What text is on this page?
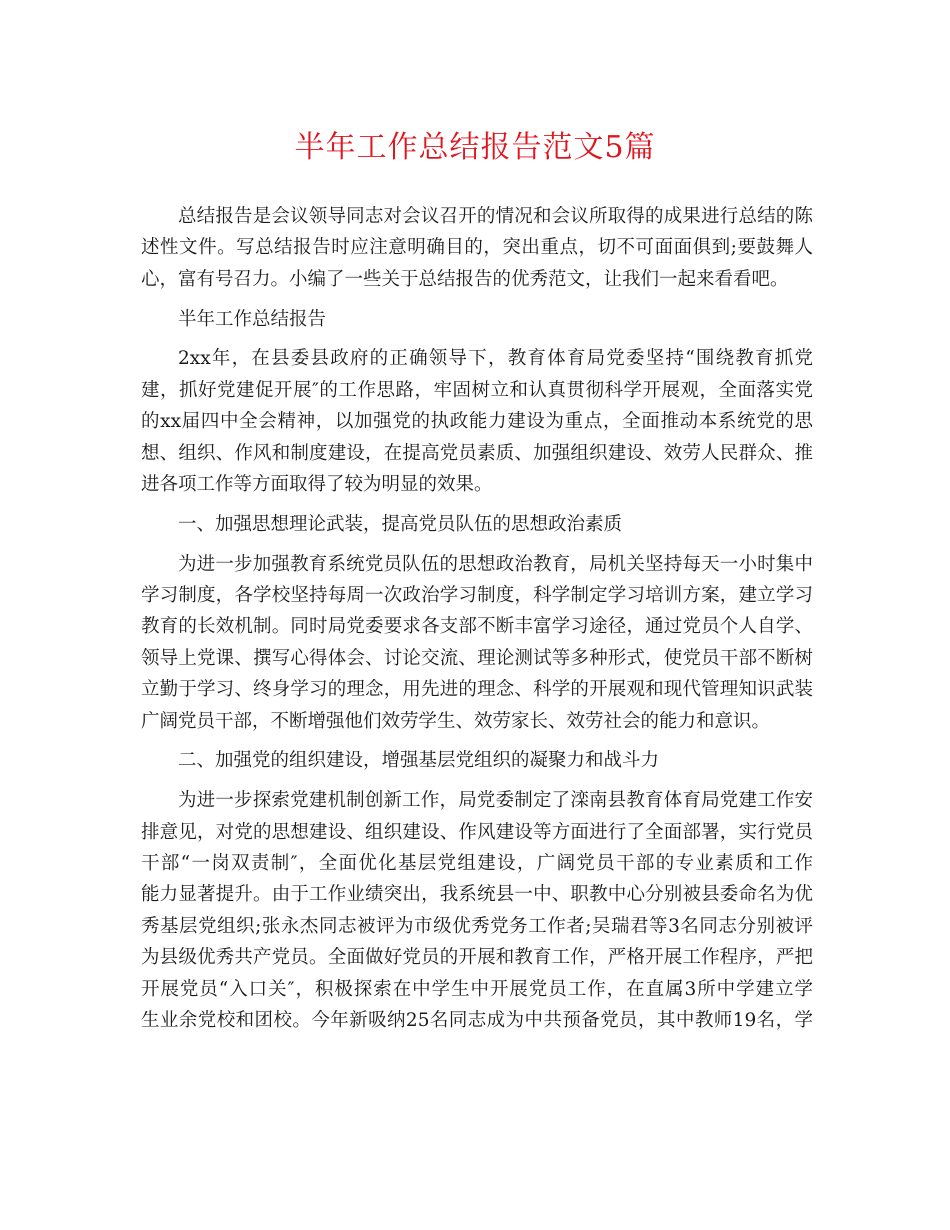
半年工作总结报告范文5篇
总结报告是会议领导同志对会议召开的情况和会议所取得的成果进行总结的陈
述性文件。写总结报告时应注意明确目的，突出重点，切不可面面俱到;要鼓舞人
心，富有号召力。小编了一些关于总结报告的优秀范文，让我们一起来看看吧。
半年工作总结报告
2xx年，在县委县政府的正确领导下，教育体育局党委坚持“围绕教育抓党
建，抓好党建促开展″的工作思路，牢固树立和认真贯彻科学开展观，全面落实党
的xx届四中全会精神，以加强党的执政能力建设为重点，全面推动本系统党的思
想、组织、作风和制度建设，在提高党员素质、加强组织建设、效劳人民群众、推
进各项工作等方面取得了较为明显的效果。
一、加强思想理论武装，提高党员队伍的思想政治素质
为进一步加强教育系统党员队伍的思想政治教育，局机关坚持每天一小时集中
学习制度，各学校坚持每周一次政治学习制度，科学制定学习培训方案，建立学习
教育的长效机制。同时局党委要求各支部不断丰富学习途径，通过党员个人自学、
领导上党课、撰写心得体会、讨论交流、理论测试等多种形式，使党员干部不断树
立勤于学习、终身学习的理念，用先进的理念、科学的开展观和现代管理知识武装
广阔党员干部，不断增强他们效劳学生、效劳家长、效劳社会的能力和意识。
二、加强党的组织建设，增强基层党组织的凝聚力和战斗力
为进一步探索党建机制创新工作，局党委制定了滦南县教育体育局党建工作安
排意见，对党的思想建设、组织建设、作风建设等方面进行了全面部署，实行党员
干部“一岗双责制″，全面优化基层党组建设，广阔党员干部的专业素质和工作
能力显著提升。由于工作业绩突出，我系统县一中、职教中心分别被县委命名为优
秀基层党组织;张永杰同志被评为市级优秀党务工作者;吴瑞君等3名同志分别被评
为县级优秀共产党员。全面做好党员的开展和教育工作，严格开展工作程序，严把
开展党员“入口关″，积极探索在中学生中开展党员工作，在直属3所中学建立学
生业余党校和团校。今年新吸纳25名同志成为中共预备党员，其中教师19名，学
